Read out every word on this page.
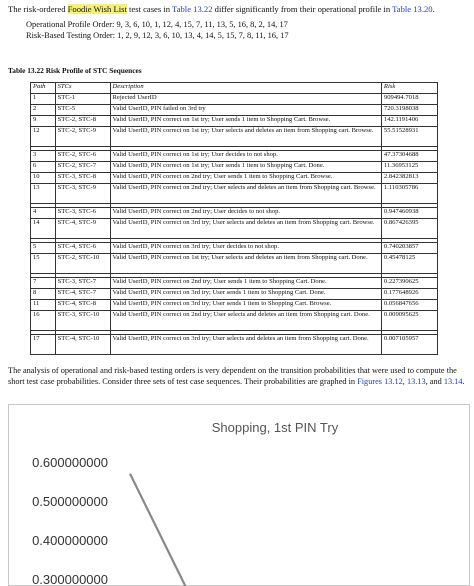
The risk-ordered Foodie Wish List test cases in Table 13.22 differ significantly from their operational profile in Table 13.20.
Operational Profile Order: 9, 3, 6, 10, 1, 12, 4, 15, 7, 11, 13, 5, 16, 8, 2, 14, 17
Risk-Based Testing Order: 1, 2, 9, 12, 3, 6, 10, 13, 4, 14, 5, 15, 7, 8, 11, 16, 17
Table 13.22 Risk Profile of STC Sequences
Path	STCs	Description	Risk
1	STC-1	Rejected UserID	909494.7018
2	STC-5	Valid UserID, PIN failed on 3rd try	720.3198038
9	STC-2, STC-8	Valid UserID, PIN correct on 1st try; User sends 1 item to Shopping Cart. Browse.	142.1191406
12	STC-2, STC-9	Valid UserID, PIN correct on 1st try; User selects and deletes an item from Shopping cart. Browse.	55.51528931

3	STC-2, STC-6	Valid UserID, PIN correct on 1st try; User decides to not shop.	47.37304688
6	STC-2, STC-7	Valid UserID, PIN correct on 1st try; User sends 1 item to Shopping Cart. Done.	11.36953125
10	STC-3, STC-8	Valid UserID, PIN correct on 2nd try; User sends 1 item to Shopping Cart. Browse.	2.842382813
13	STC-3, STC-9	Valid UserID, PIN correct on 2nd try; User selects and deletes an item from Shopping cart. Browse.	1.110305786

4	STC-3, STC-6	Valid UserID, PIN correct on 2nd try; User decides to not shop.	0.947460938
14	STC-4, STC-9	Valid UserID, PIN correct on 3rd try; User selects and deletes an item from Shopping cart. Browse.	0.867426395

5	STC-4, STC-6	Valid UserID, PIN correct on 3rd try; User decides to not shop.	0.740203857
15	STC-2, STC-10	Valid UserID, PIN correct on 1st try; User selects and deletes an item from Shopping cart. Done.	0.45478125

7	STC-3, STC-7	Valid UserID, PIN correct on 2nd try; User sends 1 item to Shopping Cart. Done.	0.227390625
8	STC-4, STC-7	Valid UserID, PIN correct on 3rd try; User sends 1 item to Shopping Cart. Done.	0.177648926
11	STC-4, STC-8	Valid UserID, PIN correct on 3rd try; User sends 1 item to Shopping Cart. Browse.	0.056847656
16	STC-3, STC-10	Valid UserID, PIN correct on 2nd try; User selects and deletes an item from Shopping cart. Done.	0.009095625

17	STC-4, STC-10	Valid UserID, PIN correct on 3rd try; User selects and deletes an item from Shopping cart. Done.	0.007105957
The analysis of operational and risk-based testing orders is very dependent on the transition probabilities that were used to compute the short test case probabilities. Consider three sets of test case sequences. Their probabilities are graphed in Figures 13.12, 13.13, and 13.14.
Shopping, 1st PIN Try
0.600000000
0.500000000
0.400000000
0.300000000
